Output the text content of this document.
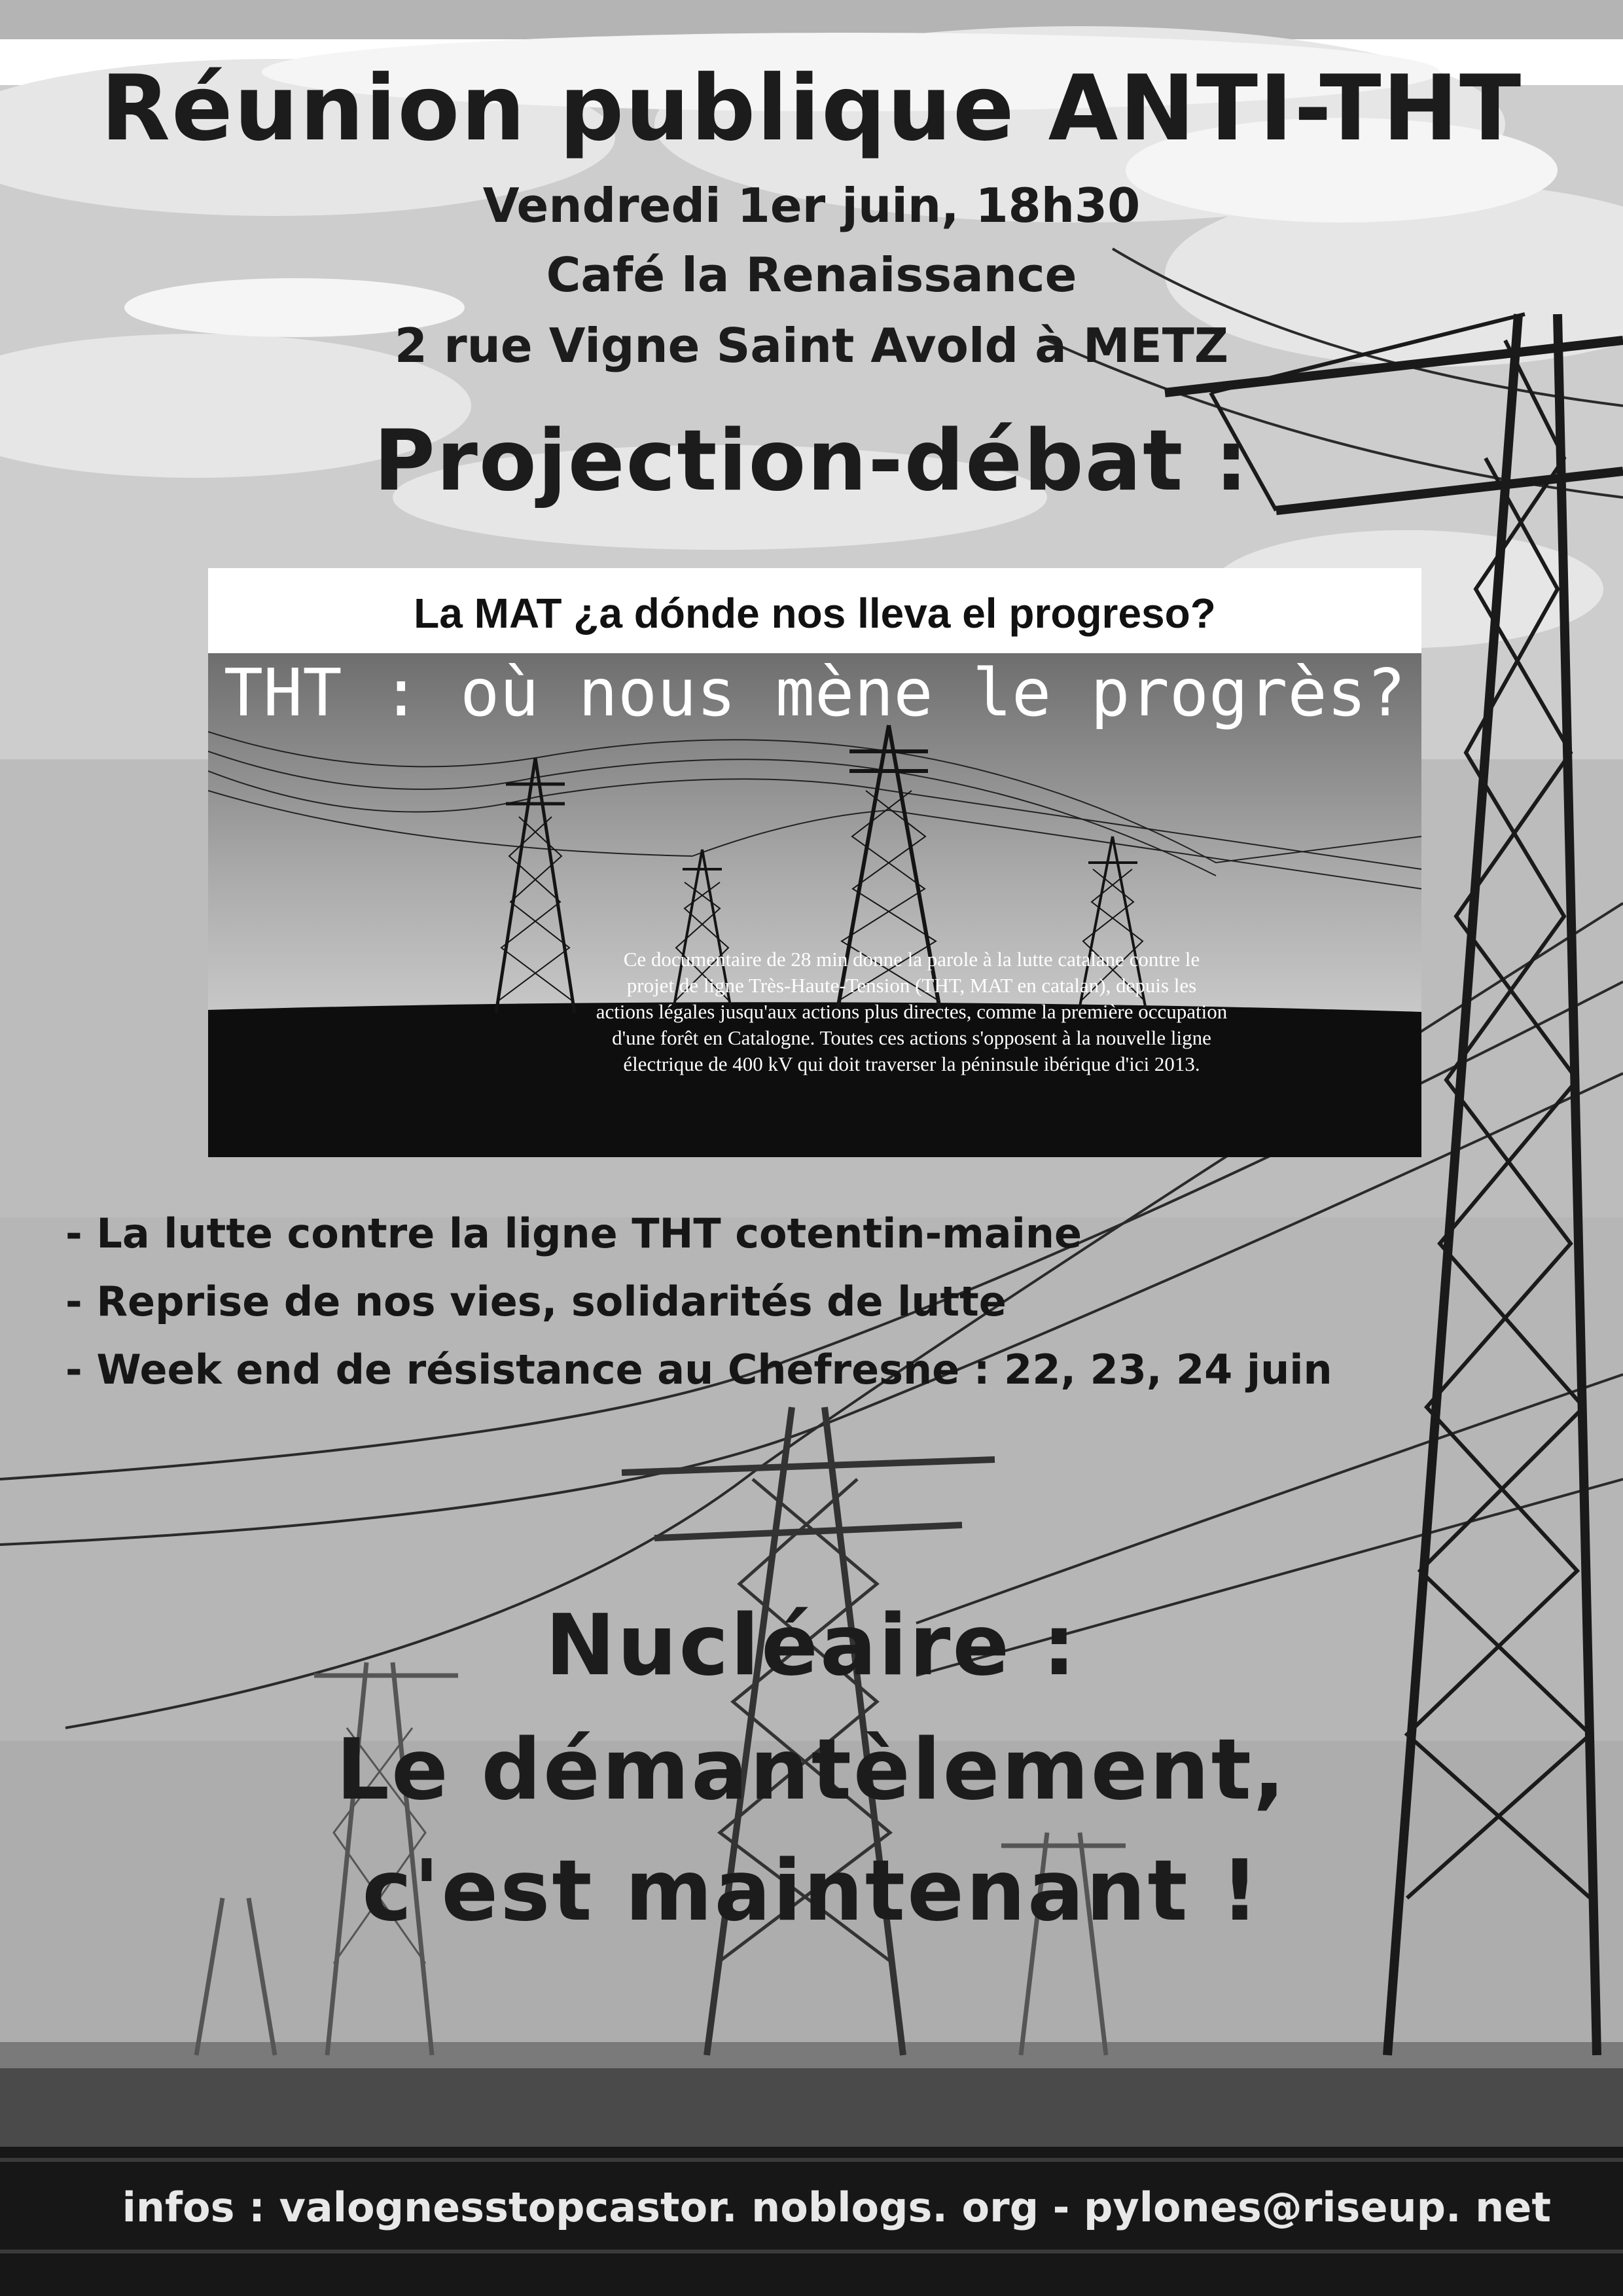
Réunion publique ANTI-THT

Vendredi 1er juin, 18h30

Café la Renaissance

2 rue Vigne Saint Avold à METZ

Projection-débat :

La MAT ¿a dónde nos lleva el progreso?

THT : où nous mène le progrès?

Ce documentaire de 28 min donne la parole à la lutte catalane contre le
projet de ligne Très-Haute-Tension (THT, MAT en catalan), depuis les
actions légales jusqu'aux actions plus directes, comme la première occupation
d'une forêt en Catalogne. Toutes ces actions s'opposent à la nouvelle ligne
électrique de 400 kV qui doit traverser la péninsule ibérique d'ici 2013.
- La lutte contre la ligne THT cotentin-maine
- Reprise de nos vies, solidarités de lutte
- Week end de résistance au Chefresne : 22, 23, 24 juin

Nucléaire :

Le démantèlement,

c'est maintenant !

infos : valognesstopcastor. noblogs. org - pylones@riseup. net
